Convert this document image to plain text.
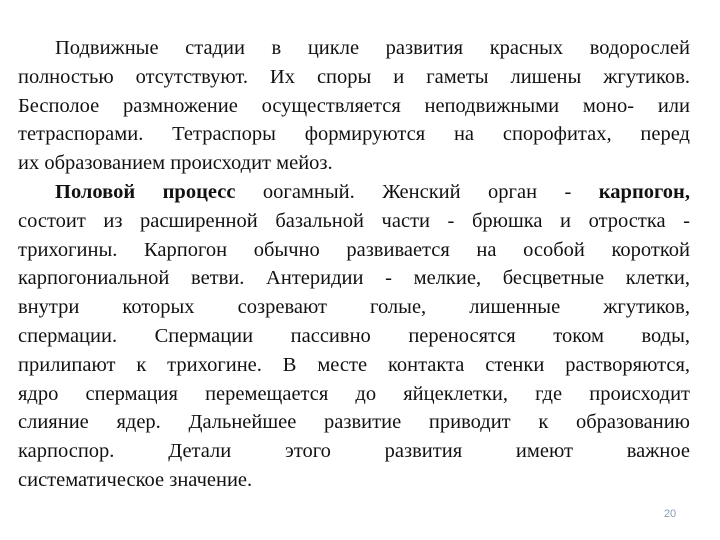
Подвижные стадии в цикле развития красных водорослей
полностью отсутствуют. Их споры и гаметы лишены жгутиков.
Бесполое размножение осуществляется неподвижными моно- или
тетраспорами. Тетраспоры формируются на спорофитах, перед
их образованием происходит мейоз.
Половой процесс оогамный. Женский орган - карпогон,
состоит из расширенной базальной части - брюшка и отростка -
трихогины. Карпогон обычно развивается на особой короткой
карпогониальной ветви. Антеридии - мелкие, бесцветные клетки,
внутри которых созревают голые, лишенные жгутиков,
спермации. Спермации пассивно переносятся током воды,
прилипают к трихогине. В месте контакта стенки растворяются,
ядро спермация перемещается до яйцеклетки, где происходит
слияние ядер. Дальнейшее развитие приводит к образованию
карпоспор. Детали этого развития имеют важное
систематическое значение.
20
